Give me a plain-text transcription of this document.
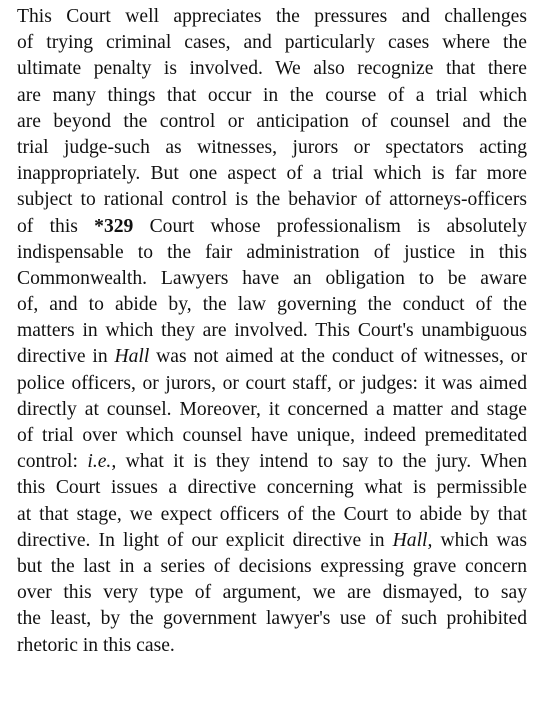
This Court well appreciates the pressures and challenges
of trying criminal cases, and particularly cases where the
ultimate penalty is involved. We also recognize that there
are many things that occur in the course of a trial which
are beyond the control or anticipation of counsel and the
trial judge-such as witnesses, jurors or spectators acting
inappropriately. But one aspect of a trial which is far more
subject to rational control is the behavior of attorneys-officers
of this *329 Court whose professionalism is absolutely
indispensable to the fair administration of justice in this
Commonwealth. Lawyers have an obligation to be aware
of, and to abide by, the law governing the conduct of the
matters in which they are involved. This Court's unambiguous
directive in Hall was not aimed at the conduct of witnesses, or
police officers, or jurors, or court staff, or judges: it was aimed
directly at counsel. Moreover, it concerned a matter and stage
of trial over which counsel have unique, indeed premeditated
control: i.e., what it is they intend to say to the jury. When
this Court issues a directive concerning what is permissible
at that stage, we expect officers of the Court to abide by that
directive. In light of our explicit directive in Hall, which was
but the last in a series of decisions expressing grave concern
over this very type of argument, we are dismayed, to say
the least, by the government lawyer's use of such prohibited
rhetoric in this case.
